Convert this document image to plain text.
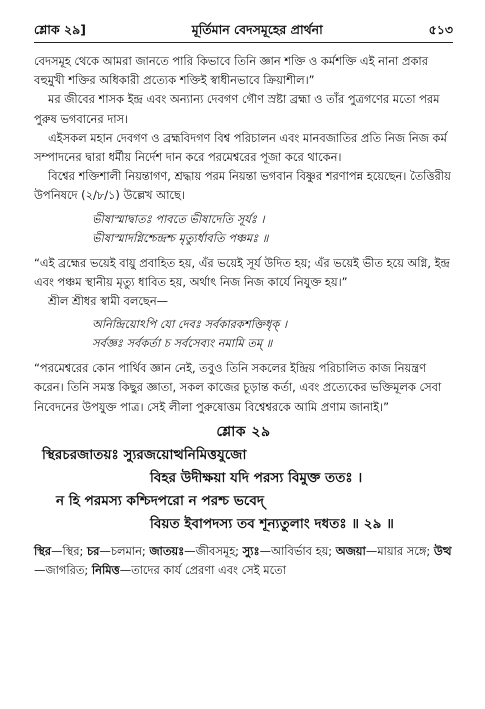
শ্লোক ২৯]	মূর্তিমান বেদসমূহের প্রার্থনা	৫১৩

বেদসমূহ থেকে আমরা জানতে পারি কিভাবে তিনি জ্ঞান শক্তি ও কর্মশক্তি এই নানা প্রকার বহুমুখী শক্তির অধিকারী প্রত্যেক শক্তিই স্বাধীনভাবে ক্রিয়াশীল।”

মর জীবের শাসক ইন্দ্র এবং অন্যান্য দেবগণ গৌণ স্রষ্টা ব্রহ্মা ও তাঁর পুত্রগণের মতো পরম পুরুষ ভগবানের দাস।

এইসকল মহান দেবগণ ও ব্রহ্মবিদগণ বিশ্ব পরিচালন এবং মানবজাতির প্রতি নিজ নিজ কর্ম সম্পাদনের দ্বারা ধর্মীয় নির্দেশ দান করে পরমেশ্বরের পূজা করে থাকেন।

বিশ্বের শক্তিশালী নিয়ন্তাগণ, শ্রদ্ধায় পরম নিয়ন্তা ভগবান বিষ্ণুর শরণাপন্ন হয়েছেন। তৈত্তিরীয় উপনিষদে (২/৮/১) উল্লেখ আছে।

ভীষাস্মাদ্বাতঃ পাবতে ভীষাদেতি সূর্যঃ ।
ভীষাস্মাদগ্নিশ্চেন্দ্রশ্চ মৃত্যুর্ধাবতি পঞ্চমঃ ॥

“এই ব্রহ্মের ভয়েই বায়ু প্রবাহিত হয়, এঁর ভয়েই সূর্য উদিত হয়; এঁর ভয়েই ভীত হয়ে অগ্নি, ইন্দ্র এবং পঞ্চম স্থানীয় মৃত্যু ধাবিত হয়, অর্থাৎ নিজ নিজ কার্যে নিযুক্ত হয়।”

শ্রীল শ্রীধর স্বামী বলছেন—

অনিন্দ্রিয়োঽপি যো দেবঃ সর্বকারকশক্তিধৃক্ ।
সর্বজ্ঞঃ সর্বকর্তা চ সর্বসেব্যং নমামি তম্ ॥

“পরমেশ্বরের কোন পার্থিব জ্ঞান নেই, তবুও তিনি সকলের ইন্দ্রিয় পরিচালিত কাজ নিয়ন্ত্রণ করেন। তিনি সমস্ত কিছুর জ্ঞাতা, সকল কাজের চূড়ান্ত কর্তা, এবং প্রত্যেকের ভক্তিমূলক সেবা নিবেদনের উপযুক্ত পাত্র। সেই লীলা পুরুষোত্তম বিশ্বেশ্বরকে আমি প্রণাম জানাই।”

শ্লোক ২৯
স্থিরচরজাতয়ঃ স্যুরজয়োত্থনিমিত্তযুজো
বিহর উদীক্ষয়া যদি পরস্য বিমুক্ত ততঃ ।
ন হি পরমস্য কশ্চিদপরো ন পরশ্চ ভবেদ্
বিয়ত ইবাপদস্য তব শূন্যতুলাং দধতঃ ॥ ২৯ ॥
স্থির—স্থির; চর—চলমান; জাতয়ঃ—জীবসমূহ; স্যুঃ—আবির্ভাব হয়; অজয়া—মায়ার সঙ্গে; উত্থ—জাগরিত; নিমিত্ত—তাদের কার্য প্রেরণা এবং সেই মতো
